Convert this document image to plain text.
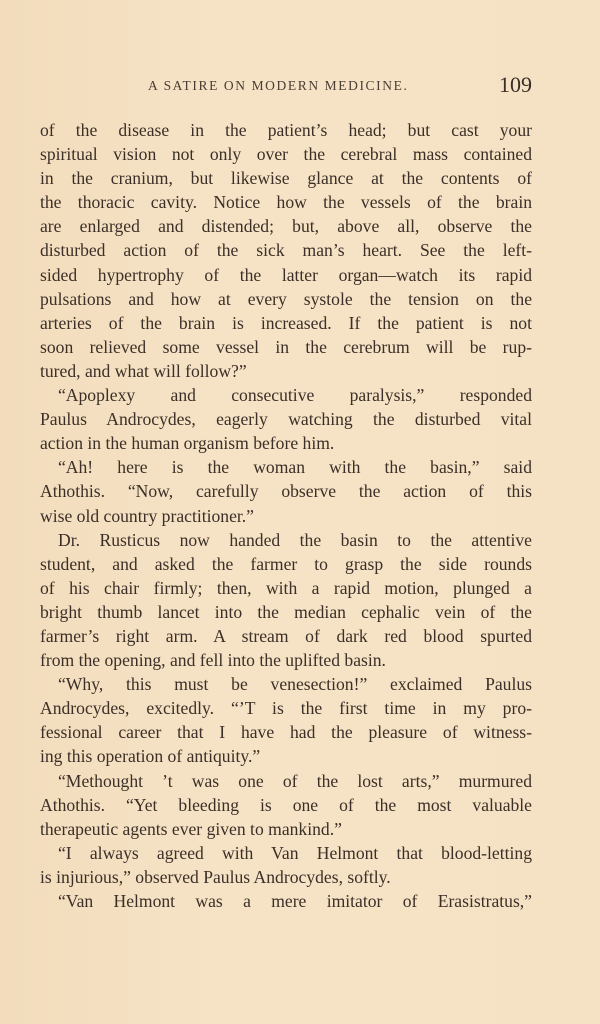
A SATIRE ON MODERN MEDICINE.	109
of the disease in the patient’s head; but cast your
spiritual vision not only over the cerebral mass contained
in the cranium, but likewise glance at the contents of
the thoracic cavity. Notice how the vessels of the brain
are enlarged and distended; but, above all, observe the
disturbed action of the sick man’s heart. See the left-
sided hypertrophy of the latter organ—watch its rapid
pulsations and how at every systole the tension on the
arteries of the brain is increased. If the patient is not
soon relieved some vessel in the cerebrum will be rup-
tured, and what will follow?”
“Apoplexy and consecutive paralysis,” responded
Paulus Androcydes, eagerly watching the disturbed vital
action in the human organism before him.
“Ah! here is the woman with the basin,” said
Athothis. “Now, carefully observe the action of this
wise old country practitioner.”
Dr. Rusticus now handed the basin to the attentive
student, and asked the farmer to grasp the side rounds
of his chair firmly; then, with a rapid motion, plunged a
bright thumb lancet into the median cephalic vein of the
farmer’s right arm. A stream of dark red blood spurted
from the opening, and fell into the uplifted basin.
“Why, this must be venesection!” exclaimed Paulus
Androcydes, excitedly. “’T is the first time in my pro-
fessional career that I have had the pleasure of witness-
ing this operation of antiquity.”
“Methought ’t was one of the lost arts,” murmured
Athothis. “Yet bleeding is one of the most valuable
therapeutic agents ever given to mankind.”
“I always agreed with Van Helmont that blood-letting
is injurious,” observed Paulus Androcydes, softly.
“Van Helmont was a mere imitator of Erasistratus,”
